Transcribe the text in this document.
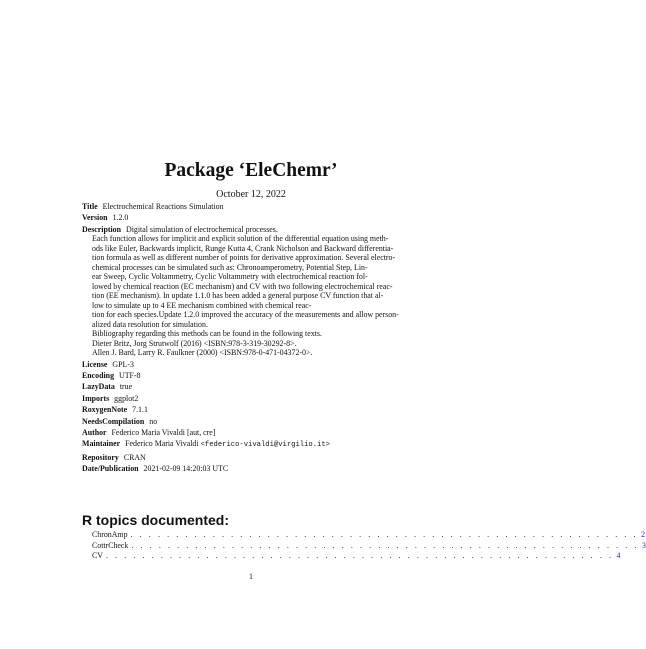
Package ‘EleChemr’
October 12, 2022
Title Electrochemical Reactions Simulation
Version 1.2.0
Description Digital simulation of electrochemical processes.
Each function allows for implicit and explicit solution of the differential equation using meth-
ods like Euler, Backwards implicit, Runge Kutta 4, Crank Nicholson and Backward differentia-
tion formula as well as different number of points for derivative approximation. Several electro-
chemical processes can be simulated such as: Chronoamperometry, Potential Step, Lin-
ear Sweep, Cyclic Voltammetry, Cyclic Voltammetry with electrochemical reaction fol-
lowed by chemical reaction (EC mechanism) and CV with two following electrochemical reac-
tion (EE mechanism). In update 1.1.0 has been added a general purpose CV function that al-
low to simulate up to 4 EE mechanism combined with chemical reac-
tion for each species.Update 1.2.0 improved the accuracy of the measurements and allow person-
alized data resolution for simulation.
Bibliography regarding this methods can be found in the following texts.
Dieter Britz, Jorg Strutwolf (2016) <ISBN:978-3-319-30292-8>.
Allen J. Bard, Larry R. Faulkner (2000) <ISBN:978-0-471-04372-0>.
License GPL-3
Encoding UTF-8
LazyData true
Imports ggplot2
RoxygenNote 7.1.1
NeedsCompilation no
Author Federico Maria Vivaldi [aut, cre]
Maintainer Federico Maria Vivaldi <federico-vivaldi@virgilio.it>
Repository CRAN
Date/Publication 2021-02-09 14:20:03 UTC
R topics documented:
ChronAmp . . . . . . . . . . . . . . . . . . . . . . . . . . . . . . . . . . . . . . . . . . . . . . . . . . . . . . . . 2
CottrCheck . . . . . . . . . . . . . . . . . . . . . . . . . . . . . . . . . . . . . . . . . . . . . . . . . . . . . . . . 3
CV . . . . . . . . . . . . . . . . . . . . . . . . . . . . . . . . . . . . . . . . . . . . . . . . . . . . . . . . 4
1
